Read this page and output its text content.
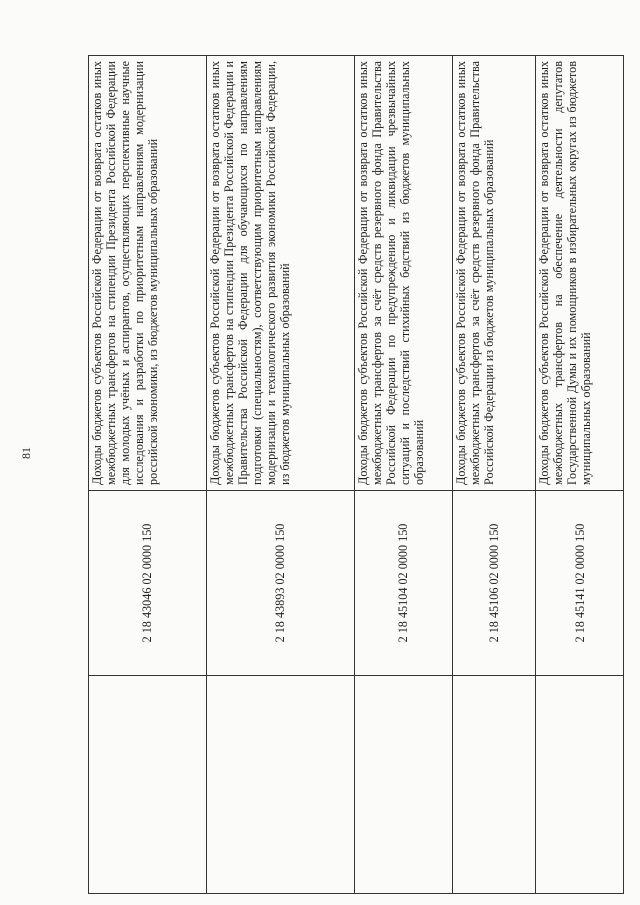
81
	2 18 43046 02 0000 150	Доходы бюджетов субъектов Российской Федерации от возврата остатков иных межбюджетных трансфертов на стипендии Президента Российской Федерации для молодых учёных и аспирантов, осуществляющих перспективные научные исследования и разработки по приоритетным направлениям модернизации российской экономики, из бюджетов муниципальных образований
	2 18 43893 02 0000 150	Доходы бюджетов субъектов Российской Федерации от возврата остатков иных межбюджетных трансфертов на стипендии Президента Российской Федерации и Правительства Российской Федерации для обучающихся по направлениям подготовки (специальностям), соответствующим приоритетным направлениям модернизации и технологического развития экономики Российской Федерации, из бюджетов муниципальных образований
	2 18 45104 02 0000 150	Доходы бюджетов субъектов Российской Федерации от возврата остатков иных межбюджетных трансфертов за счёт средств резервного фонда Правительства Российской Федерации по предупреждению и ликвидации чрезвычайных ситуаций и последствий стихийных бедствий из бюджетов муниципальных образований
	2 18 45106 02 0000 150	Доходы бюджетов субъектов Российской Федерации от возврата остатков иных межбюджетных трансфертов за счёт средств резервного фонда Правительства Российской Федерации из бюджетов муниципальных образований
	2 18 45141 02 0000 150	Доходы бюджетов субъектов Российской Федерации от возврата остатков иных межбюджетных трансфертов на обеспечение деятельности депутатов Государственной Думы и их помощников в избирательных округах из бюджетов муниципальных образований
